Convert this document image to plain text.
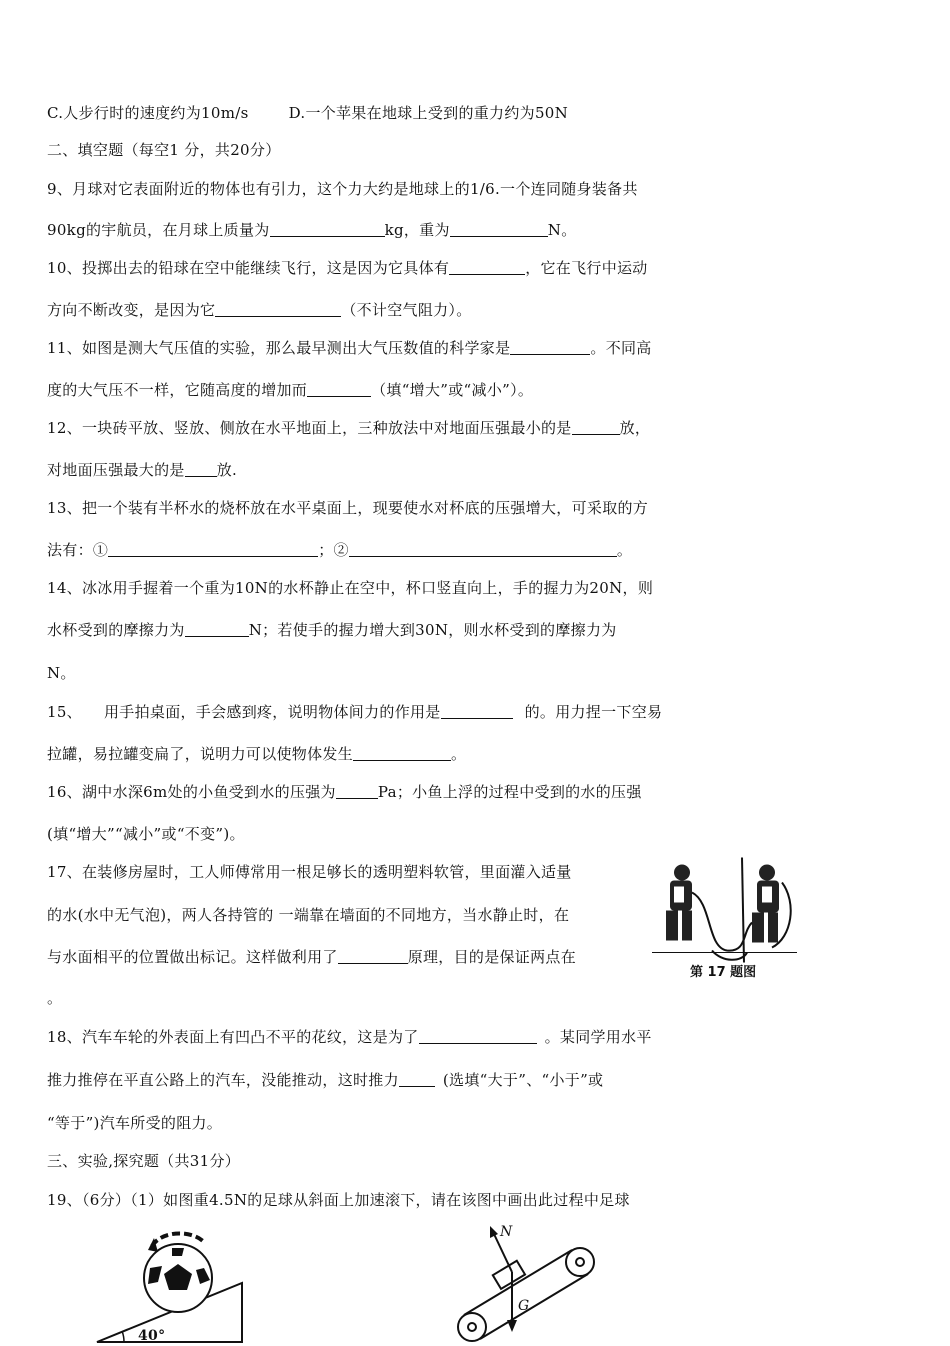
C.人步行时的速度约为10m/s	D.一个苹果在地球上受到的重力约为50N
二、填空题（每空1 分，共20分）
9、月球对它表面附近的物体也有引力，这个力大约是地球上的1/6.一个连同随身装备共
90kg的宇航员，在月球上质量为	kg，重为	N。
10、投掷出去的铅球在空中能继续飞行，这是因为它具体有	，它在飞行中运动
方向不断改变，是因为它	（不计空气阻力）。
11、如图是测大气压值的实验，那么最早测出大气压数值的科学家是	。不同高
度的大气压不一样，它随高度的增加而	（填“增大”或“减小”）。
12、一块砖平放、竖放、侧放在水平地面上，三种放法中对地面压强最小的是	放，
对地面压强最大的是 放.
13、把一个装有半杯水的烧杯放在水平桌面上，现要使水对杯底的压强增大，可采取的方
法有：①	；②	。
14、冰冰用手握着一个重为10N的水杯静止在空中，杯口竖直向上，手的握力为20N，则
水杯受到的摩擦力为	N；若使手的握力增大到30N，则水杯受到的摩擦力为
N。
15、 用手拍桌面，手会感到疼，说明物体间力的作用是	的。用力捏一下空易
拉罐，易拉罐变扁了，说明力可以使物体发生	。
16、湖中水深6m处的小鱼受到水的压强为	Pa；小鱼上浮的过程中受到的水的压强
(填“增大”“减小”或“不变”)。
17、在装修房屋时，工人师傅常用一根足够长的透明塑料软管，里面灌入适量
的水(水中无气泡)，两人各持管的 一端靠在墙面的不同地方，当水静止时，在
与水面相平的位置做出标记。这样做利用了	原理，目的是保证两点在
。
18、汽车车轮的外表面上有凹凸不平的花纹，这是为了	。某同学用水平
推力推停在平直公路上的汽车，没能推动，这时推力	(选填“大于”、“小于”或
“等于”)汽车所受的阻力。
三、实验,探究题（共31分）
19、（6分）（1）如图重4.5N的足球从斜面上加速滚下，请在该图中画出此过程中足球
第 17 题图
40°
N
G
